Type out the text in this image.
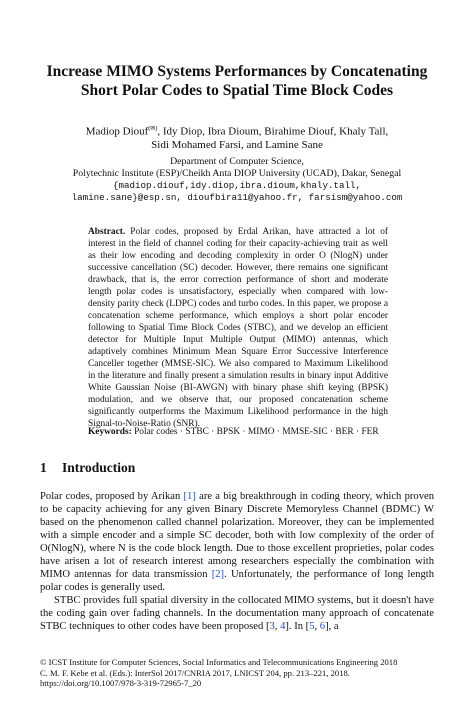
Increase MIMO Systems Performances by Concatenating
Short Polar Codes to Spatial Time Block Codes
Madiop Diouf(✉), Idy Diop, Ibra Dioum, Birahime Diouf, Khaly Tall,
Sidi Mohamed Farsi, and Lamine Sane
Department of Computer Science,
Polytechnic Institute (ESP)/Cheikh Anta DIOP University (UCAD), Dakar, Senegal
{madiop.diouf,idy.diop,ibra.dioum,khaly.tall,
lamine.sane}@esp.sn, dioufbira11@yahoo.fr, farsism@yahoo.com
Abstract. Polar codes, proposed by Erdal Arikan, have attracted a lot of interest in the field of channel coding for their capacity-achieving trait as well as their low encoding and decoding complexity in order O (NlogN) under successive cancellation (SC) decoder. However, there remains one significant drawback, that is, the error correction performance of short and moderate length polar codes is unsatisfactory, especially when compared with low-density parity check (LDPC) codes and turbo codes. In this paper, we propose a concatenation scheme performance, which employs a short polar encoder following to Spatial Time Block Codes (STBC), and we develop an efficient detector for Multiple Input Multiple Output (MIMO) antennas, which adaptively combines Minimum Mean Square Error Successive Interference Canceller together (MMSE-SIC). We also compared to Maximum Likelihood in the literature and finally present a simulation results in binary input Additive White Gaussian Noise (BI-AWGN) with binary phase shift keying (BPSK) modulation, and we observe that, our proposed concatenation scheme significantly outperforms the Maximum Likelihood performance in the high Signal-to-Noise-Ratio (SNR).
Keywords: Polar codes · STBC · BPSK · MIMO · MMSE-SIC · BER · FER
1 Introduction

Polar codes, proposed by Arikan [1] are a big breakthrough in coding theory, which proven to be capacity achieving for any given Binary Discrete Memoryless Channel (BDMC) W based on the phenomenon called channel polarization. Moreover, they can be implemented with a simple encoder and a simple SC decoder, both with low complexity of the order of O(NlogN), where N is the code block length. Due to those excellent proprieties, polar codes have arisen a lot of research interest among researchers especially the combination with MIMO antennas for data transmission [2]. Unfortunately, the performance of long length polar codes is generally used.

STBC provides full spatial diversity in the collocated MIMO systems, but it doesn't have the coding gain over fading channels. In the documentation many approach of concatenate STBC techniques to other codes have been proposed [3, 4]. In [5, 6], a

© ICST Institute for Computer Sciences, Social Informatics and Telecommunications Engineering 2018
C. M. F. Kebe et al. (Eds.): InterSol 2017/CNRIA 2017, LNICST 204, pp. 213–221, 2018.
https://doi.org/10.1007/978-3-319-72965-7_20
